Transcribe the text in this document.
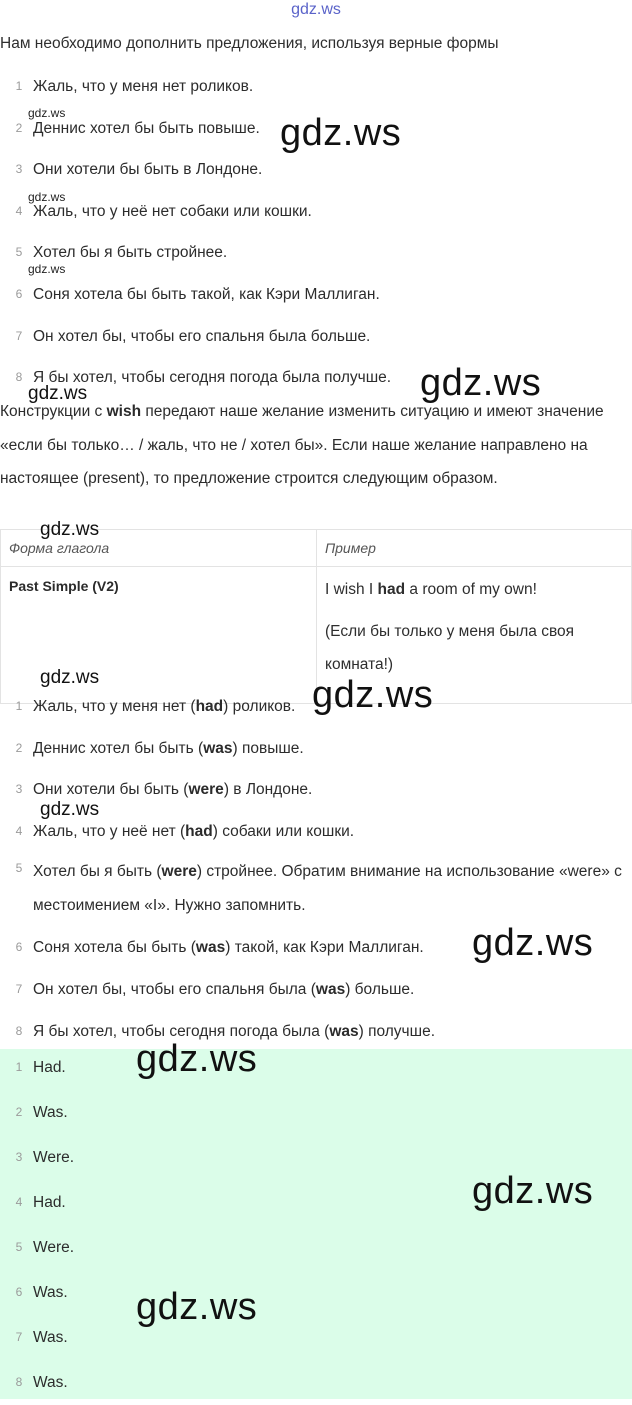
gdz.ws
Нам необходимо дополнить предложения, используя верные формы
1 Жаль, что у меня нет роликов.
2 Деннис хотел бы быть повыше.
3 Они хотели бы быть в Лондоне.
4 Жаль, что у неё нет собаки или кошки.
5 Хотел бы я быть стройнее.
6 Соня хотела бы быть такой, как Кэри Маллиган.
7 Он хотел бы, чтобы его спальня была больше.
8 Я бы хотел, чтобы сегодня погода была получше.
Конструкции с wish передают наше желание изменить ситуацию и имеют значение «если бы только… / жаль, что не / хотел бы». Если наше желание направлено на настоящее (present), то предложение строится следующим образом.
Форма глагола	Пример
Past Simple (V2)	I wish I had a room of my own!
(Если бы только у меня была своя комната!)
1 Жаль, что у меня нет (had) роликов.
2 Деннис хотел бы быть (was) повыше.
3 Они хотели бы быть (were) в Лондоне.
4 Жаль, что у неё нет (had) собаки или кошки.
5 Хотел бы я быть (were) стройнее. Обратим внимание на использование «were» с местоимением «I». Нужно запомнить.
6 Соня хотела бы быть (was) такой, как Кэри Маллиган.
7 Он хотел бы, чтобы его спальня была (was) больше.
8 Я бы хотел, чтобы сегодня погода была (was) получше.
1 Had.
2 Was.
3 Were.
4 Had.
5 Were.
6 Was.
7 Was.
8 Was.
gdz.ws
gdz.ws
gdz.ws
gdz.ws
gdz.ws	gdz.ws
gdz.ws
gdz.ws	gdz.ws
gdz.ws
gdz.ws
gdz.ws
gdz.ws
gdz.ws
